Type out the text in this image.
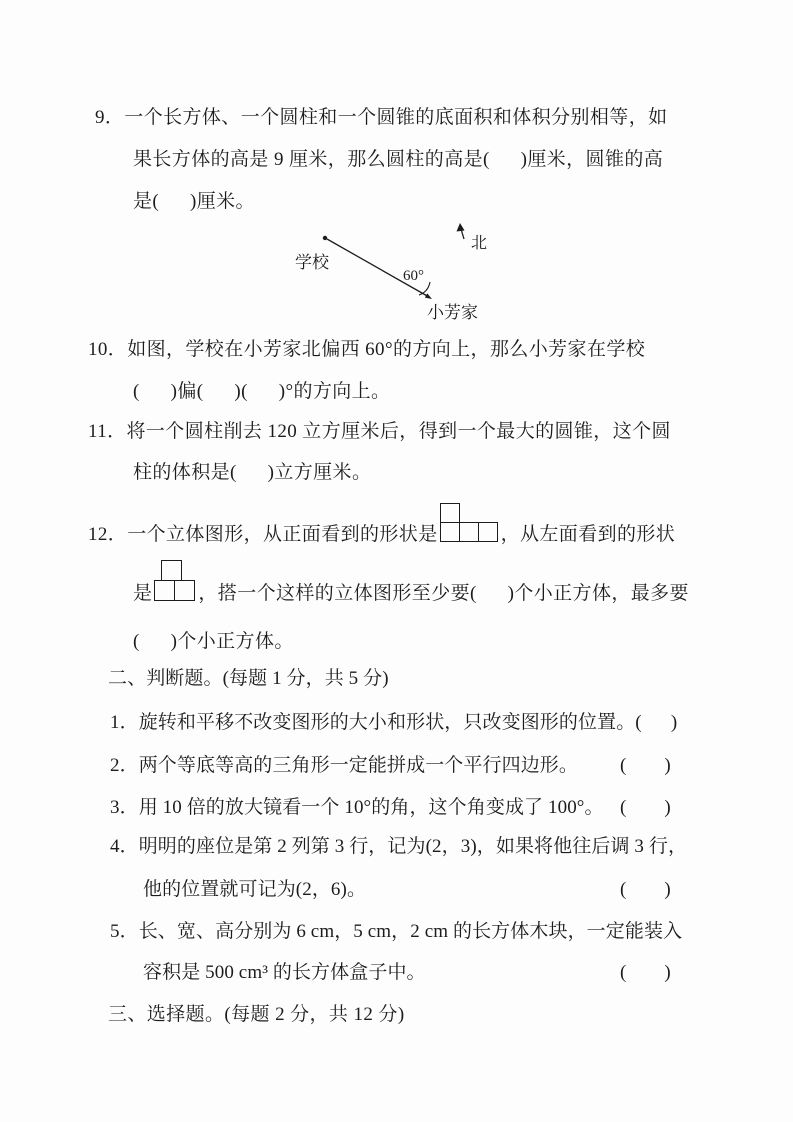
9．一个长方体、一个圆柱和一个圆锥的底面积和体积分别相等，如
果长方体的高是 9 厘米，那么圆柱的高是(      )厘米，圆锥的高
是(      )厘米。
学校
60°
小芳家
北
10．如图，学校在小芳家北偏西 60°的方向上，那么小芳家在学校
(      )偏(      )(      )°的方向上。
11．将一个圆柱削去 120 立方厘米后，得到一个最大的圆锥，这个圆
柱的体积是(      )立方厘米。
12．一个立体图形，从正面看到的形状是	，从左面看到的形状
是 ，搭一个这样的立体图形至少要(      )个小正方体，最多要
(      )个小正方体。
二、判断题。(每题 1 分，共 5 分)
1．旋转和平移不改变图形的大小和形状，只改变图形的位置。(      )
2．两个等底等高的三角形一定能拼成一个平行四边形。 (        )
3．用 10 倍的放大镜看一个 10°的角，这个角变成了 100°。 (        )
4．明明的座位是第 2 列第 3 行，记为(2，3)，如果将他往后调 3 行，
他的位置就可记为(2，6)。	(        )
5．长、宽、高分别为 6 cm，5 cm，2 cm 的长方体木块，一定能装入
容积是 500 cm³ 的长方体盒子中。	(        )
三、选择题。(每题 2 分，共 12 分)
